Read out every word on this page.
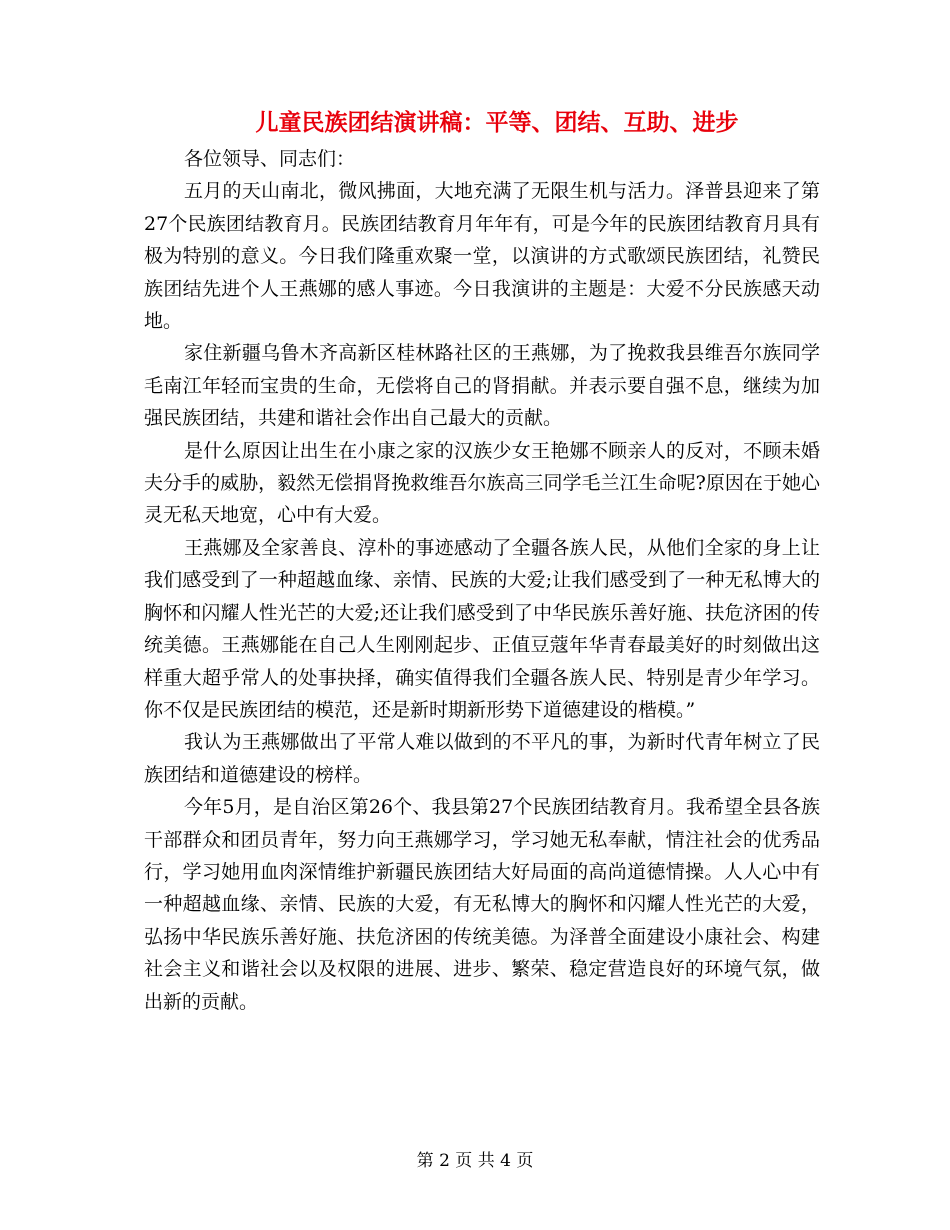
儿童民族团结演讲稿：平等、团结、互助、进步

各位领导、同志们：

五月的天山南北，微风拂面，大地充满了无限生机与活力。泽普县迎来了第27个民族团结教育月。民族团结教育月年年有，可是今年的民族团结教育月具有极为特别的意义。今日我们隆重欢聚一堂，以演讲的方式歌颂民族团结，礼赞民族团结先进个人王燕娜的感人事迹。今日我演讲的主题是：大爱不分民族感天动地。

家住新疆乌鲁木齐高新区桂林路社区的王燕娜，为了挽救我县维吾尔族同学毛南江年轻而宝贵的生命，无偿将自己的肾捐献。并表示要自强不息，继续为加强民族团结，共建和谐社会作出自己最大的贡献。

是什么原因让出生在小康之家的汉族少女王艳娜不顾亲人的反对，不顾未婚夫分手的威胁，毅然无偿捐肾挽救维吾尔族高三同学毛兰江生命呢?原因在于她心灵无私天地宽，心中有大爱。

王燕娜及全家善良、淳朴的事迹感动了全疆各族人民，从他们全家的身上让我们感受到了一种超越血缘、亲情、民族的大爱;让我们感受到了一种无私博大的胸怀和闪耀人性光芒的大爱;还让我们感受到了中华民族乐善好施、扶危济困的传统美德。王燕娜能在自己人生刚刚起步、正值豆蔻年华青春最美好的时刻做出这样重大超乎常人的处事抉择，确实值得我们全疆各族人民、特别是青少年学习。你不仅是民族团结的模范，还是新时期新形势下道德建设的楷模。”

我认为王燕娜做出了平常人难以做到的不平凡的事，为新时代青年树立了民族团结和道德建设的榜样。

今年5月，是自治区第26个、我县第27个民族团结教育月。我希望全县各族干部群众和团员青年，努力向王燕娜学习，学习她无私奉献，情注社会的优秀品行，学习她用血肉深情维护新疆民族团结大好局面的高尚道德情操。人人心中有一种超越血缘、亲情、民族的大爱，有无私博大的胸怀和闪耀人性光芒的大爱，弘扬中华民族乐善好施、扶危济困的传统美德。为泽普全面建设小康社会、构建社会主义和谐社会以及权限的进展、进步、繁荣、稳定营造良好的环境气氛，做出新的贡献。

第 2 页 共 4 页
